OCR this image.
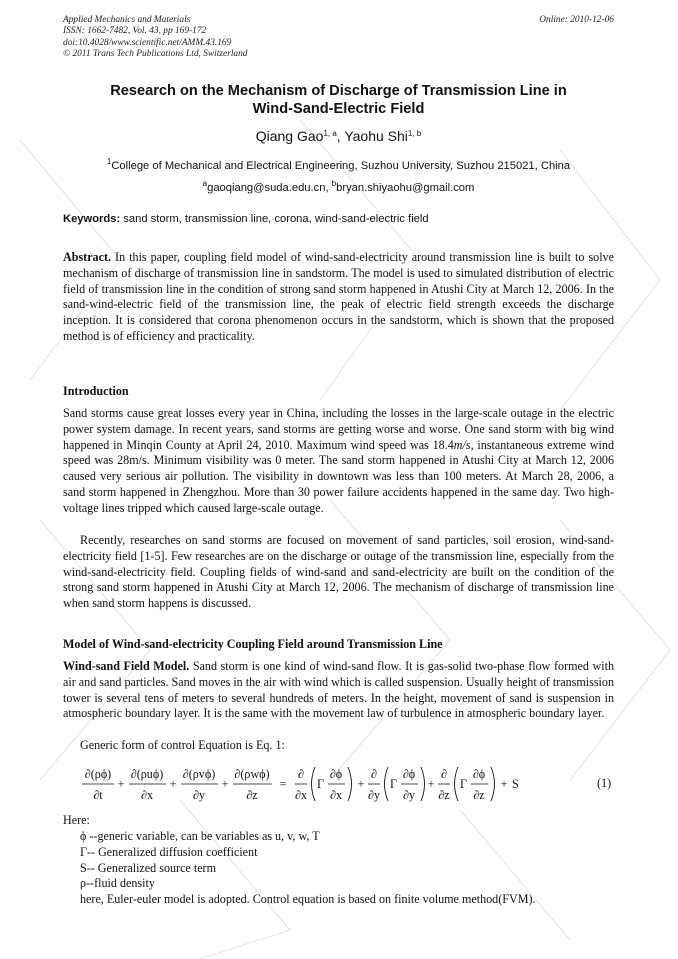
Applied Mechanics and Materials
ISSN: 1662-7482, Vol. 43, pp 169-172
doi:10.4028/www.scientific.net/AMM.43.169
© 2011 Trans Tech Publications Ltd, Switzerland
Online: 2010-12-06
Research on the Mechanism of Discharge of Transmission Line in
Wind-Sand-Electric Field
Qiang Gao$^{1, a}$, Yaohu Shi$^{1, b}$
$^1$College of Mechanical and Electrical Engineering, Suzhou University, Suzhou 215021, China
$^a$gaoqiang@suda.edu.cn, $^b$bryan.shiyaohu@gmail.com
Keywords: sand storm, transmission line, corona, wind-sand-electric field
Abstract. In this paper, coupling field model of wind-sand-electricity around transmission line is built to solve mechanism of discharge of transmission line in sandstorm. The model is used to simulated distribution of electric field of transmission line in the condition of strong sand storm happened in Atushi City at March 12, 2006. In the sand-wind-electric field of the transmission line, the peak of electric field strength exceeds the discharge inception. It is considered that corona phenomenon occurs in the sandstorm, which is shown that the proposed method is of efficiency and practicality.
Introduction
Sand storms cause great losses every year in China, including the losses in the large-scale outage in the electric power system damage. In recent years, sand storms are getting worse and worse. One sand storm with big wind happened in Minqin County at April 24, 2010. Maximum wind speed was 18.4m/s, instantaneous extreme wind speed was 28m/s. Minimum visibility was 0 meter. The sand storm happened in Atushi City at March 12, 2006 caused very serious air pollution. The visibility in downtown was less than 100 meters. At March 28, 2006, a sand storm happened in Zhengzhou. More than 30 power failure accidents happened in the same day. Two high-voltage lines tripped which caused large-scale outage.
Recently, researches on sand storms are focused on movement of sand particles, soil erosion, wind-sand-electricity field [1-5]. Few researches are on the discharge or outage of the transmission line, especially from the wind-sand-electricity field. Coupling fields of wind-sand and sand-electricity are built on the condition of the strong sand storm happened in Atushi City at March 12, 2006. The mechanism of discharge of transmission line when sand storm happens is discussed.
Model of Wind-sand-electricity Coupling Field around Transmission Line
Wind-sand Field Model. Sand storm is one kind of wind-sand flow. It is gas-solid two-phase flow formed with air and sand particles. Sand moves in the air with wind which is called suspension. Usually height of transmission tower is several tens of meters to several hundreds of meters. In the height, movement of sand is suspension in atmospheric boundary layer. It is the same with the movement law of turbulence in atmospheric boundary layer.
Generic form of control Equation is Eq. 1:
∂(ρϕ)
∂t
+
∂(ρuϕ)
∂x
+
∂(ρvϕ)
∂y
+
∂(ρwϕ)
∂z
=
∂
∂x
Γ
∂ϕ
∂x
+
∂
∂y
Γ
∂ϕ
∂y
+
∂
∂z
Γ
∂ϕ
∂z
+ S	(1)
Here:
ϕ --generic variable, can be variables as u, v, w, T
Γ-- Generalized diffusion coefficient
S-- Generalized source term
ρ--fluid density
here, Euler-euler model is adopted. Control equation is based on finite volume method(FVM).
